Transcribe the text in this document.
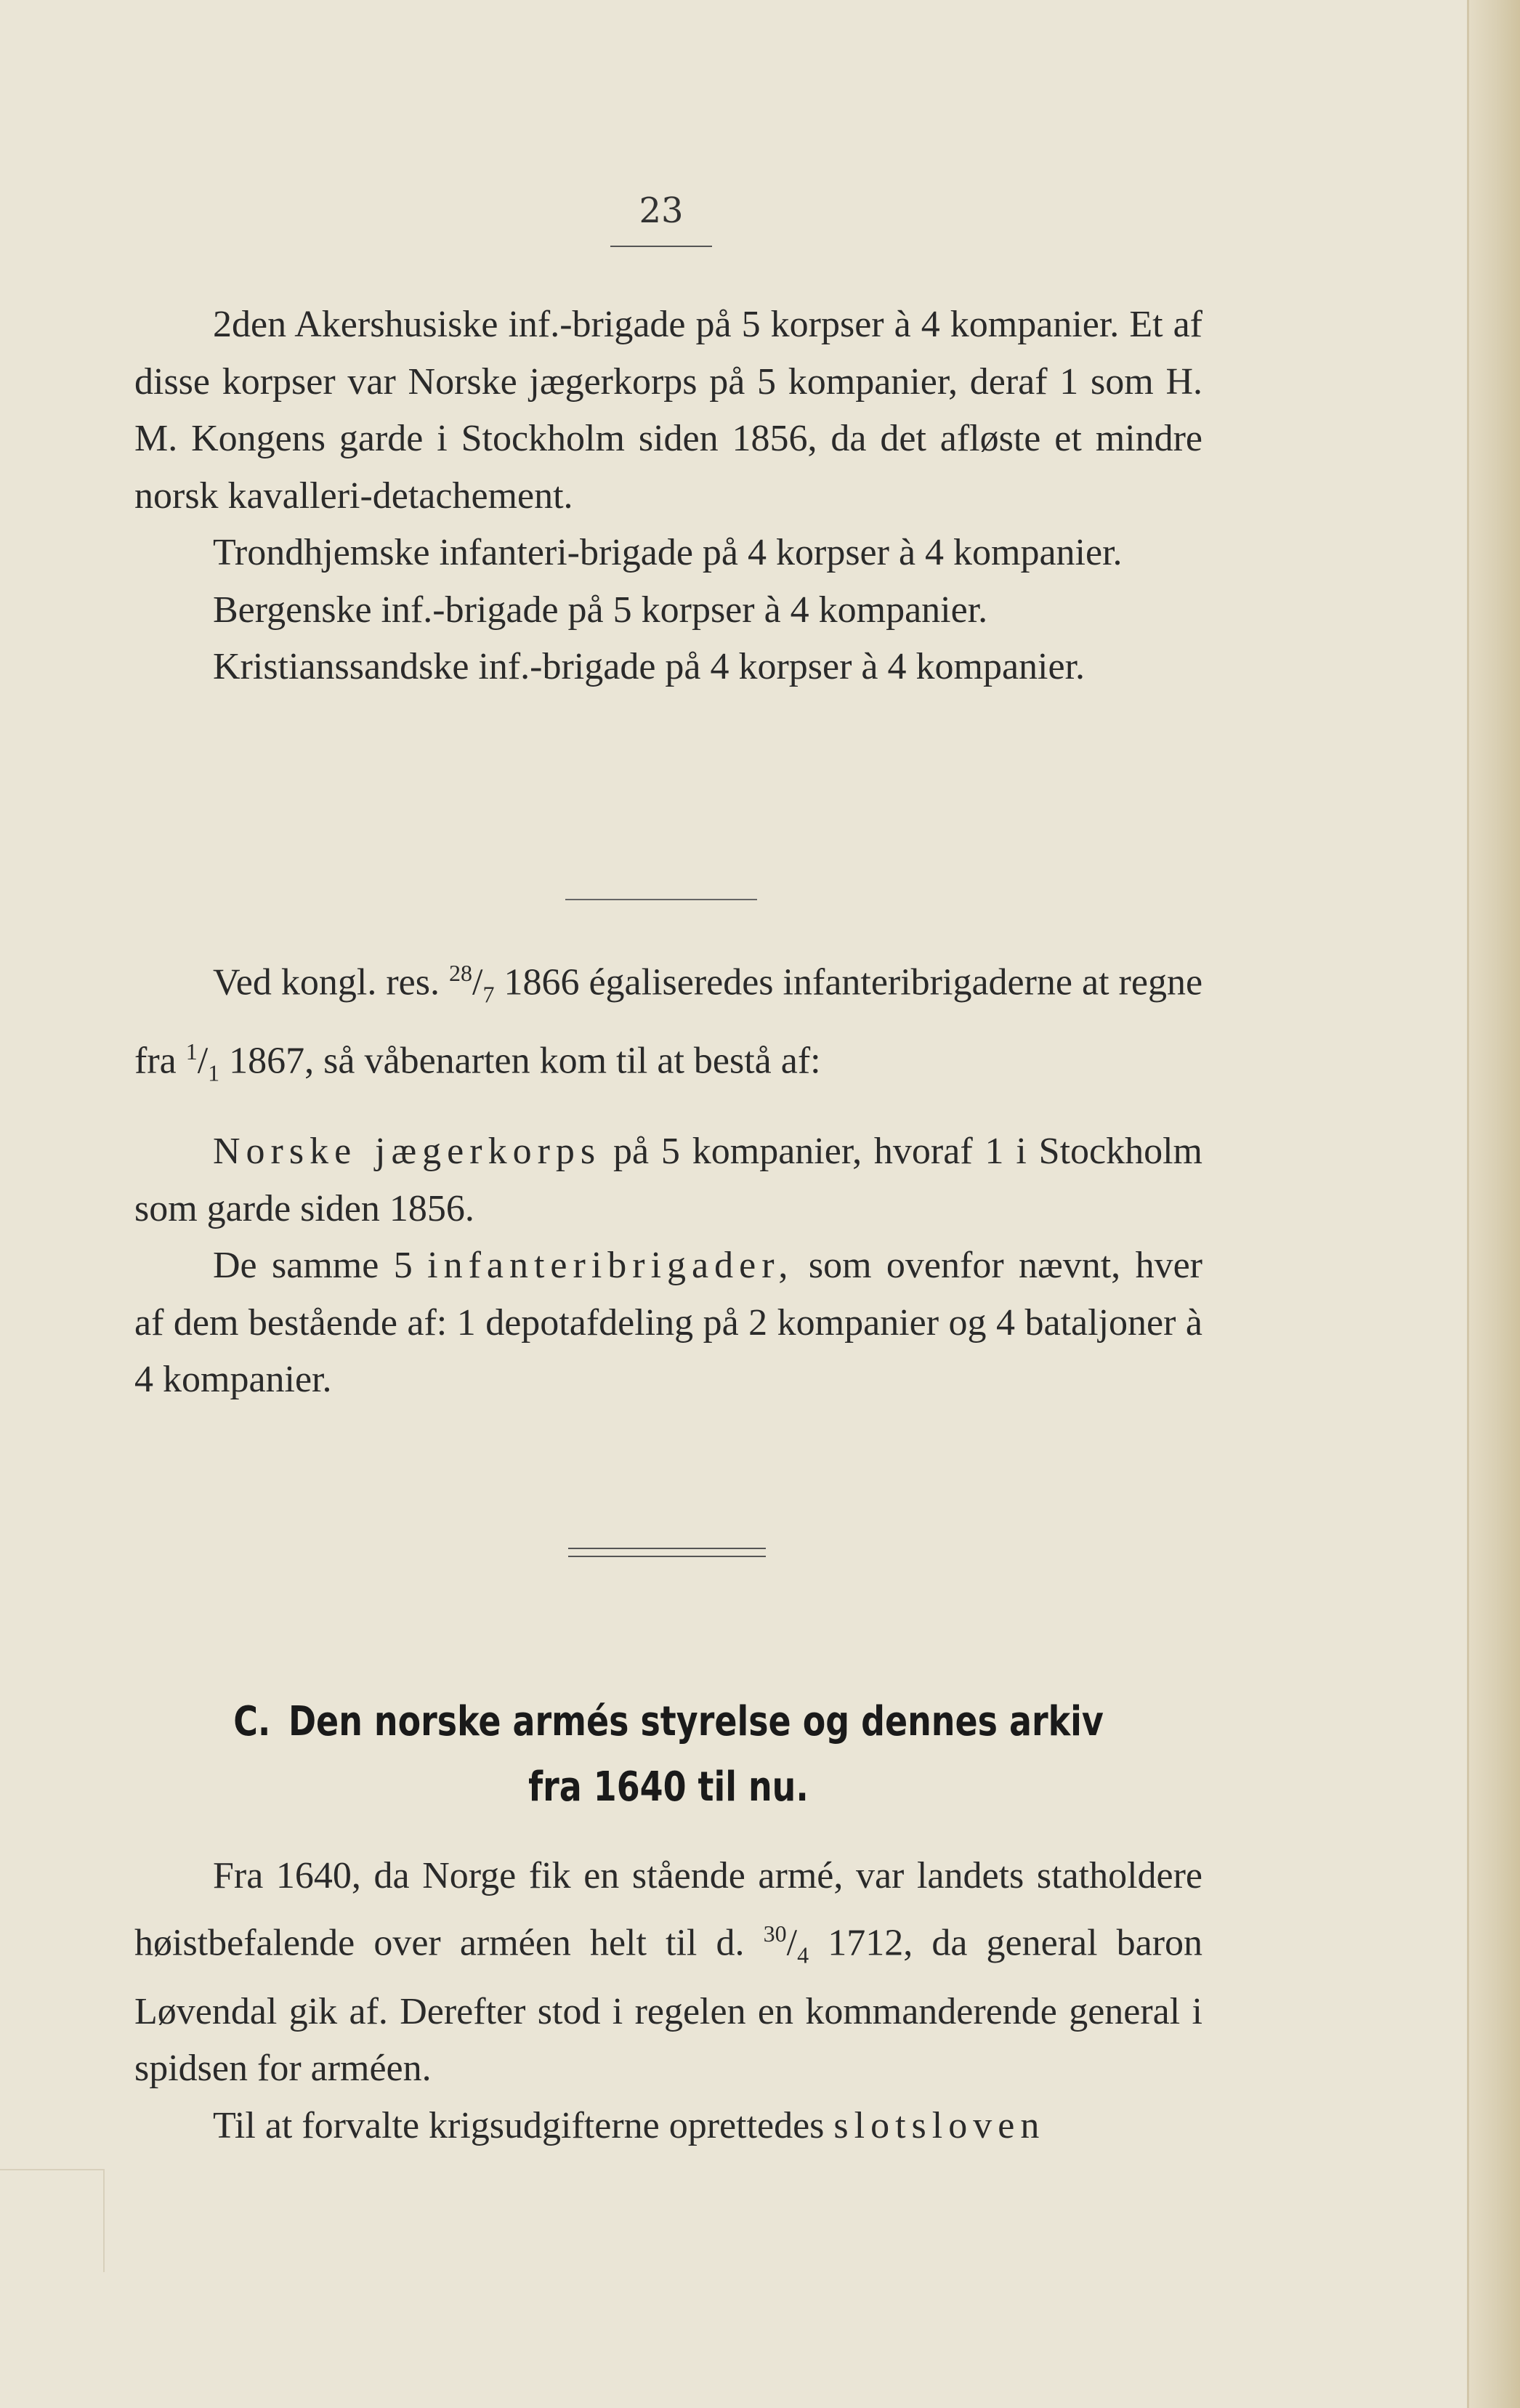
23

2den Akershusiske inf.-brigade på 5 korpser à 4 kompanier. Et af disse korpser var Norske jægerkorps på 5 kompanier, deraf 1 som H. M. Kongens garde i Stockholm siden 1856, da det afløste et mindre norsk kavalleri-detachement.

Trondhjemske infanteri-brigade på 4 korpser à 4 kompanier.

Bergenske inf.-brigade på 5 korpser à 4 kompanier.

Kristianssandske inf.-brigade på 4 korpser à 4 kompanier.

Ved kongl. res. $^{28}/_7$ 1866 égaliseredes infanteribrigaderne at regne fra $^1/_1$ 1867, så våbenarten kom til at bestå af:

Norske jægerkorps på 5 kompanier, hvoraf 1 i Stockholm som garde siden 1856.

De samme 5 infanteribrigader, som ovenfor nævnt, hver af dem bestående af: 1 depotafdeling på 2 kompanier og 4 bataljoner à 4 kompanier.

C. Den norske armés styrelse og dennes arkiv fra 1640 til nu.

Fra 1640, da Norge fik en stående armé, var landets statholdere høistbefalende over arméen helt til d. $^{30}/_4$ 1712, da general baron Løvendal gik af. Derefter stod i regelen en kommanderende general i spidsen for arméen.

Til at forvalte krigsudgifterne oprettedes slotsloven
